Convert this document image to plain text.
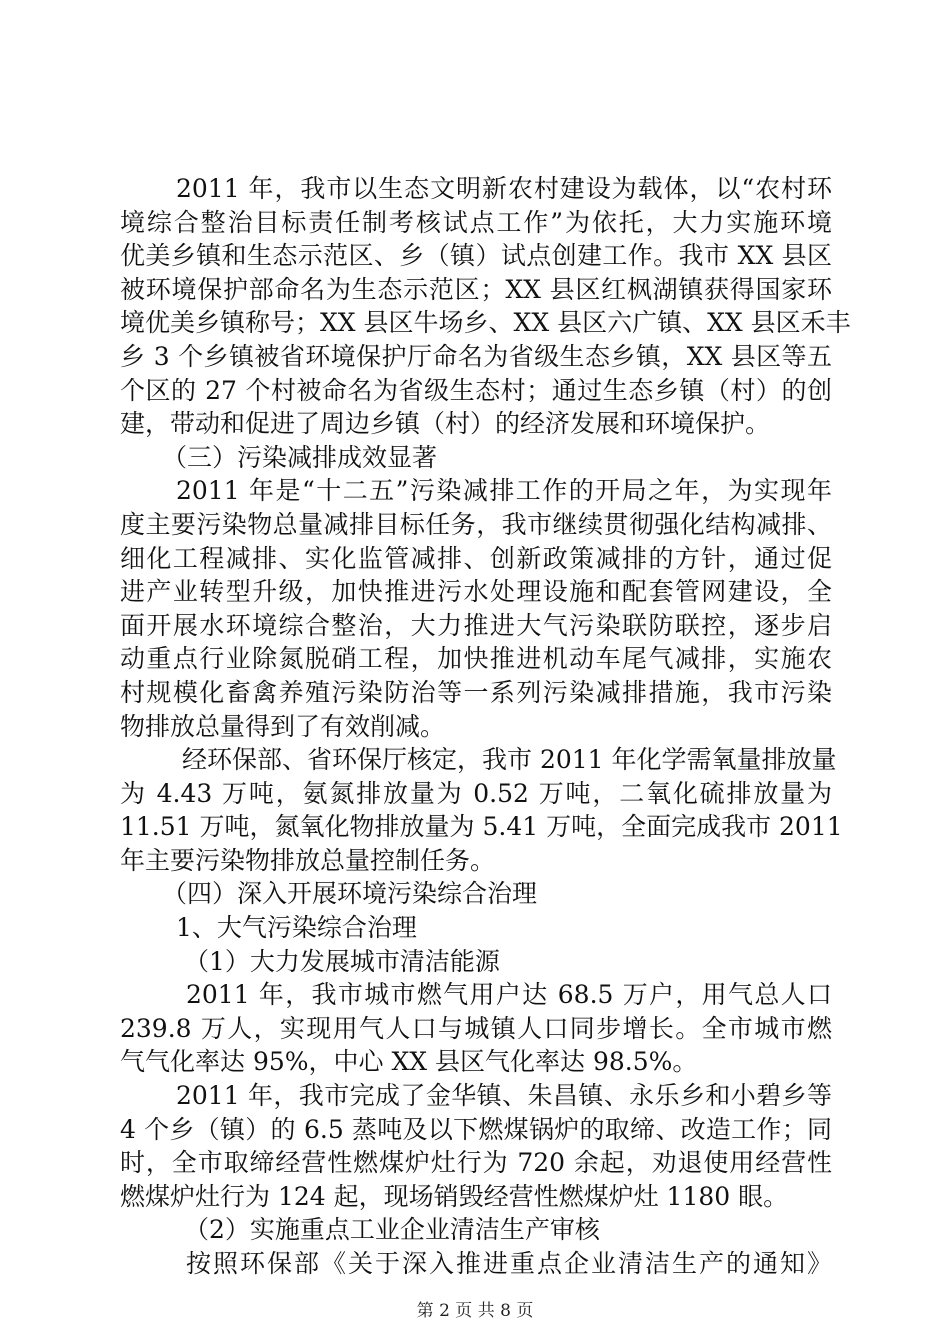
2011 年，我市以生态文明新农村建设为载体，以“农村环
境综合整治目标责任制考核试点工作”为依托，大力实施环境
优美乡镇和生态示范区、乡（镇）试点创建工作。我市 XX 县区
被环境保护部命名为生态示范区；XX 县区红枫湖镇获得国家环
境优美乡镇称号；XX 县区牛场乡、XX 县区六广镇、XX 县区禾丰
乡 3 个乡镇被省环境保护厅命名为省级生态乡镇，XX 县区等五
个区的 27 个村被命名为省级生态村；通过生态乡镇（村）的创
建，带动和促进了周边乡镇（村）的经济发展和环境保护。
（三）污染减排成效显著
2011 年是“十二五”污染减排工作的开局之年，为实现年
度主要污染物总量减排目标任务，我市继续贯彻强化结构减排、
细化工程减排、实化监管减排、创新政策减排的方针，通过促
进产业转型升级，加快推进污水处理设施和配套管网建设，全
面开展水环境综合整治，大力推进大气污染联防联控，逐步启
动重点行业除氮脱硝工程，加快推进机动车尾气减排，实施农
村规模化畜禽养殖污染防治等一系列污染减排措施，我市污染
物排放总量得到了有效削减。
经环保部、省环保厅核定，我市 2011 年化学需氧量排放量
为 4.43 万吨，氨氮排放量为 0.52 万吨，二氧化硫排放量为
11.51 万吨，氮氧化物排放量为 5.41 万吨，全面完成我市 2011
年主要污染物排放总量控制任务。
（四）深入开展环境污染综合治理
1、大气污染综合治理
（1）大力发展城市清洁能源
2011 年，我市城市燃气用户达 68.5 万户，用气总人口
239.8 万人，实现用气人口与城镇人口同步增长。全市城市燃
气气化率达 95%，中心 XX 县区气化率达 98.5%。
2011 年，我市完成了金华镇、朱昌镇、永乐乡和小碧乡等
4 个乡（镇）的 6.5 蒸吨及以下燃煤锅炉的取缔、改造工作；同
时，全市取缔经营性燃煤炉灶行为 720 余起，劝退使用经营性
燃煤炉灶行为 124 起，现场销毁经营性燃煤炉灶 1180 眼。
（2）实施重点工业企业清洁生产审核
按照环保部《关于深入推进重点企业清洁生产的通知》
第 2 页 共 8 页
